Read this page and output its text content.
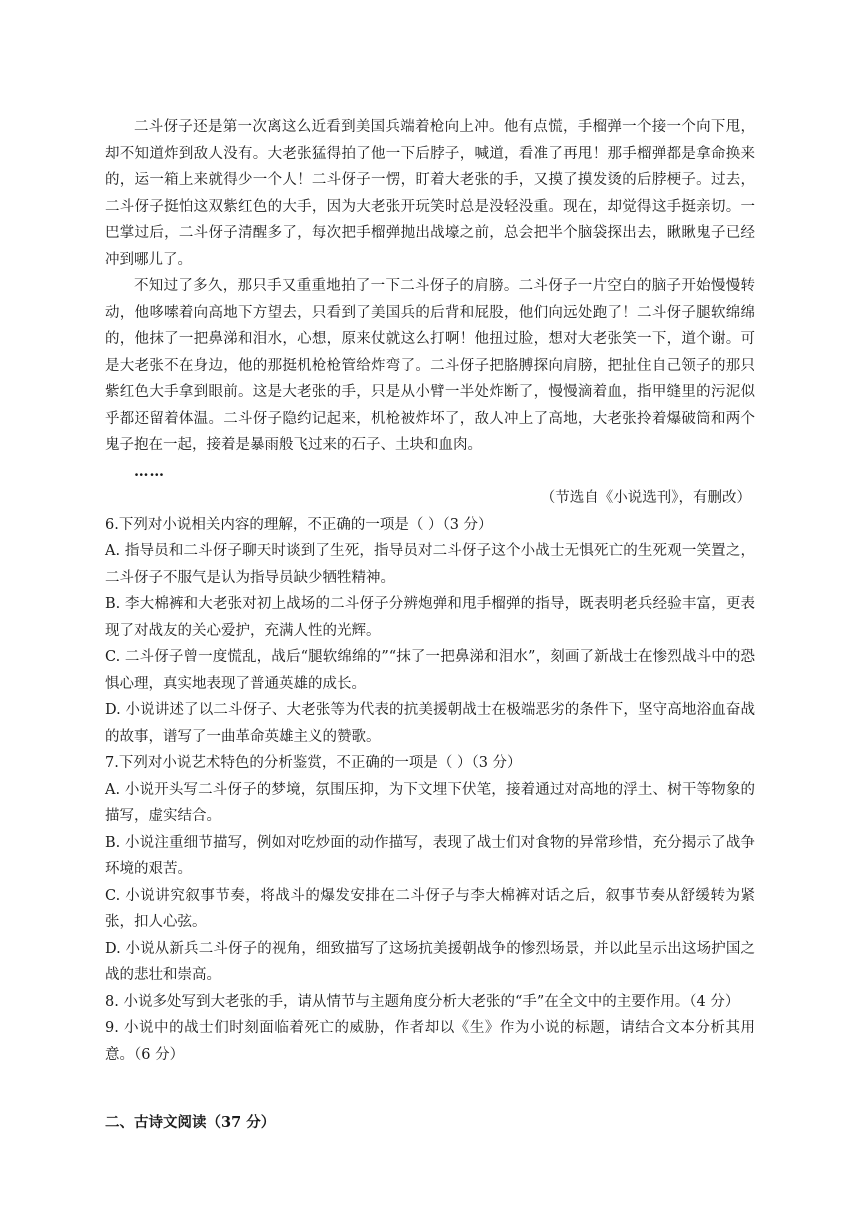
二斗伢子还是第一次离这么近看到美国兵端着枪向上冲。他有点慌，手榴弹一个接一个向下甩，却不知道炸到敌人没有。大老张猛得拍了他一下后脖子，喊道，看准了再甩！那手榴弹都是拿命换来的，运一箱上来就得少一个人！二斗伢子一愣，盯着大老张的手，又摸了摸发烫的后脖梗子。过去，二斗伢子挺怕这双紫红色的大手，因为大老张开玩笑时总是没轻没重。现在，却觉得这手挺亲切。一巴掌过后，二斗伢子清醒多了，每次把手榴弹抛出战壕之前，总会把半个脑袋探出去，瞅瞅鬼子已经冲到哪儿了。

不知过了多久，那只手又重重地拍了一下二斗伢子的肩膀。二斗伢子一片空白的脑子开始慢慢转动，他哆嗦着向高地下方望去，只看到了美国兵的后背和屁股，他们向远处跑了！二斗伢子腿软绵绵的，他抹了一把鼻涕和泪水，心想，原来仗就这么打啊！他扭过脸，想对大老张笑一下，道个谢。可是大老张不在身边，他的那挺机枪枪管给炸弯了。二斗伢子把胳膊探向肩膀，把扯住自己领子的那只紫红色大手拿到眼前。这是大老张的手，只是从小臂一半处炸断了，慢慢滴着血，指甲缝里的污泥似乎都还留着体温。二斗伢子隐约记起来，机枪被炸坏了，敌人冲上了高地，大老张拎着爆破筒和两个鬼子抱在一起，接着是暴雨般飞过来的石子、土块和血肉。

……

（节选自《小说选刊》，有删改）

6.下列对小说相关内容的理解，不正确的一项是（ ）（3 分）

A. 指导员和二斗伢子聊天时谈到了生死，指导员对二斗伢子这个小战士无惧死亡的生死观一笑置之，二斗伢子不服气是认为指导员缺少牺牲精神。

B. 李大棉裤和大老张对初上战场的二斗伢子分辨炮弹和甩手榴弹的指导，既表明老兵经验丰富，更表现了对战友的关心爱护，充满人性的光辉。

C. 二斗伢子曾一度慌乱，战后“腿软绵绵的”“抹了一把鼻涕和泪水”，刻画了新战士在惨烈战斗中的恐惧心理，真实地表现了普通英雄的成长。

D. 小说讲述了以二斗伢子、大老张等为代表的抗美援朝战士在极端恶劣的条件下，坚守高地浴血奋战的故事，谱写了一曲革命英雄主义的赞歌。

7.下列对小说艺术特色的分析鉴赏，不正确的一项是（ ）（3 分）

A. 小说开头写二斗伢子的梦境，氛围压抑，为下文埋下伏笔，接着通过对高地的浮土、树干等物象的描写，虚实结合。

B. 小说注重细节描写，例如对吃炒面的动作描写，表现了战士们对食物的异常珍惜，充分揭示了战争环境的艰苦。

C. 小说讲究叙事节奏，将战斗的爆发安排在二斗伢子与李大棉裤对话之后，叙事节奏从舒缓转为紧张，扣人心弦。

D. 小说从新兵二斗伢子的视角，细致描写了这场抗美援朝战争的惨烈场景，并以此呈示出这场护国之战的悲壮和崇高。

8. 小说多处写到大老张的手，请从情节与主题角度分析大老张的“手”在全文中的主要作用。（4 分）

9. 小说中的战士们时刻面临着死亡的威胁，作者却以《生》作为小说的标题，请结合文本分析其用意。（6 分）

二、古诗文阅读（37 分）
